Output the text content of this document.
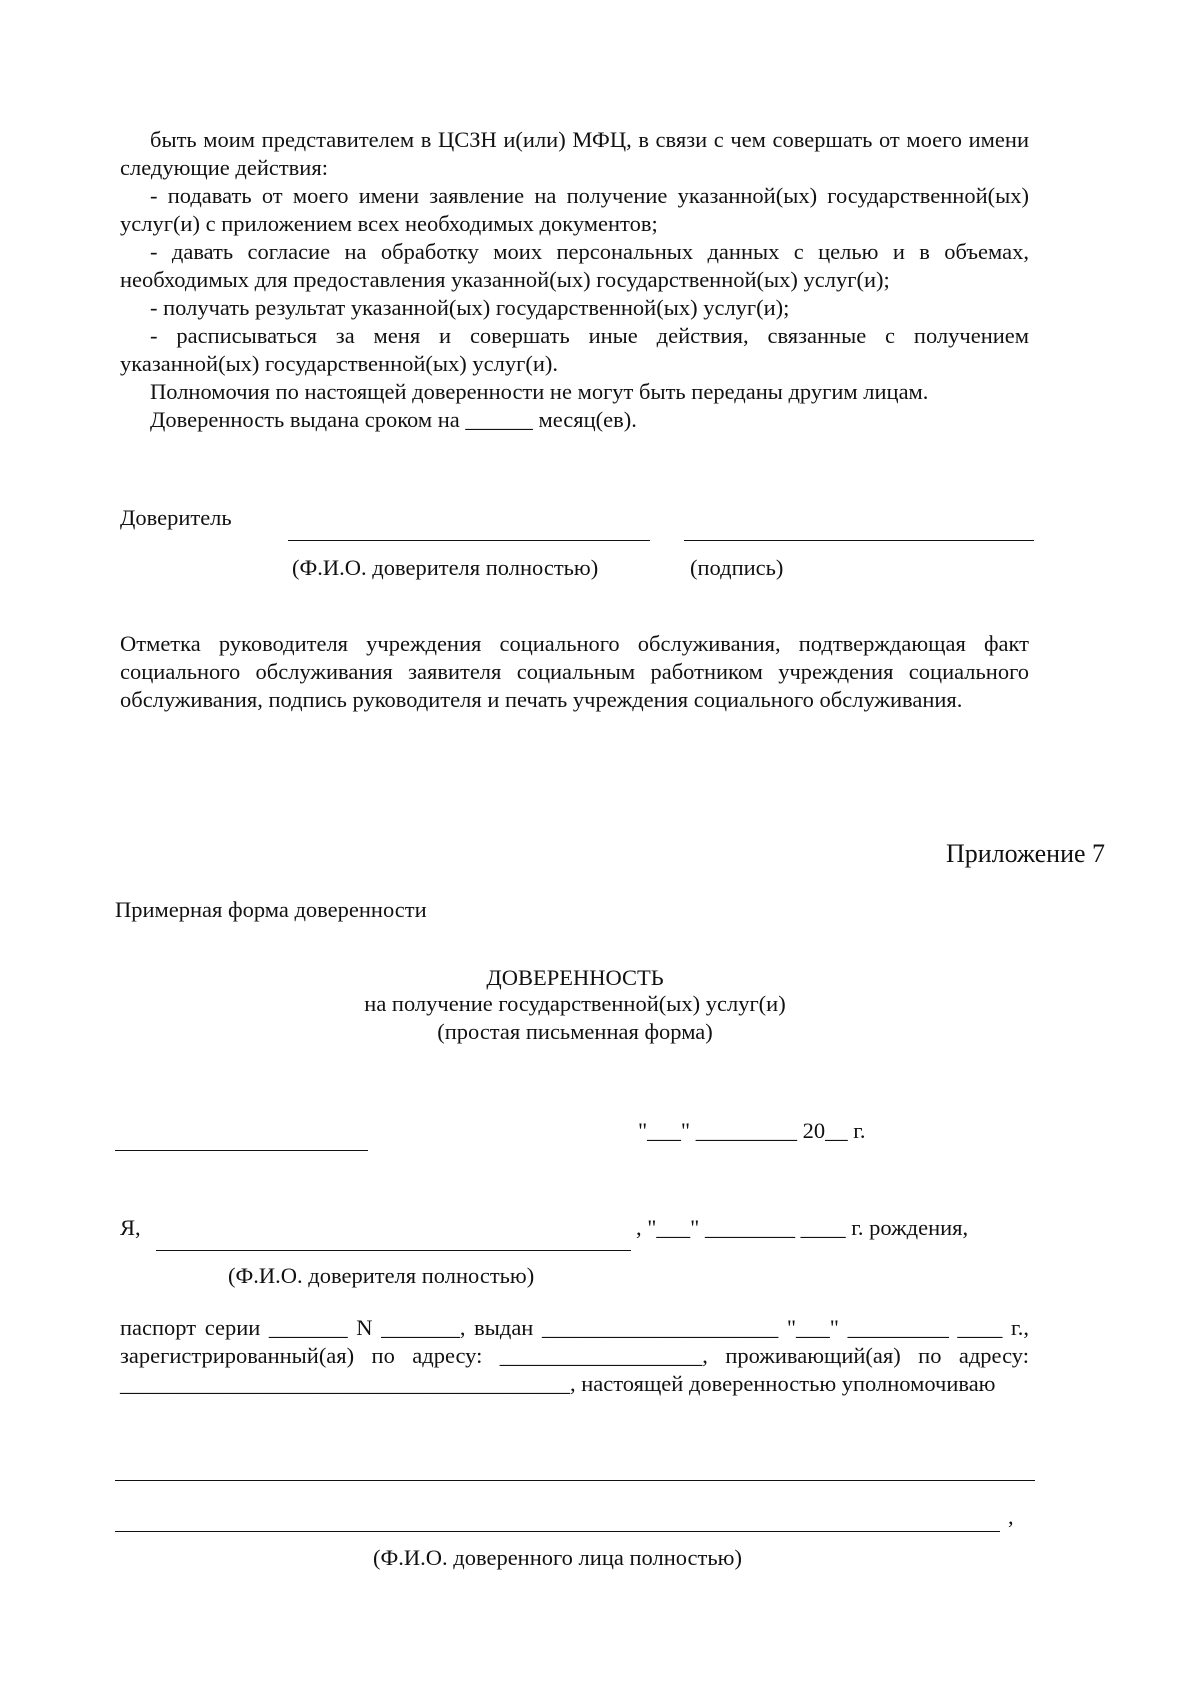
быть моим представителем в ЦСЗН и(или) МФЦ, в связи с чем совершать от моего имени следующие действия:
- подавать от моего имени заявление на получение указанной(ых) государственной(ых) услуг(и) с приложением всех необходимых документов;
- давать согласие на обработку моих персональных данных с целью и в объемах, необходимых для предоставления указанной(ых) государственной(ых) услуг(и);
- получать результат указанной(ых) государственной(ых) услуг(и);
- расписываться за меня и совершать иные действия, связанные с получением указанной(ых) государственной(ых) услуг(и).
Полномочия по настоящей доверенности не могут быть переданы другим лицам.
Доверенность выдана сроком на ______ месяц(ев).
Доверитель
(Ф.И.О. доверителя полностью)	(подпись)
Отметка руководителя учреждения социального обслуживания, подтверждающая факт социального обслуживания заявителя социальным работником учреждения социального обслуживания, подпись руководителя и печать учреждения социального обслуживания.
Приложение 7
Примерная форма доверенности
ДОВЕРЕННОСТЬ
на получение государственной(ых) услуг(и)
(простая письменная форма)
"___" _________ 20__ г.
Я,	, "___" ________ ____ г. рождения,
(Ф.И.О. доверителя полностью)
паспорт серии _______ N _______, выдан _____________________ "___" _________ ____ г., зарегистрированный(ая) по адресу: __________________, проживающий(ая) по адресу: ________________________________________, настоящей доверенностью уполномочиваю
,
(Ф.И.О. доверенного лица полностью)
